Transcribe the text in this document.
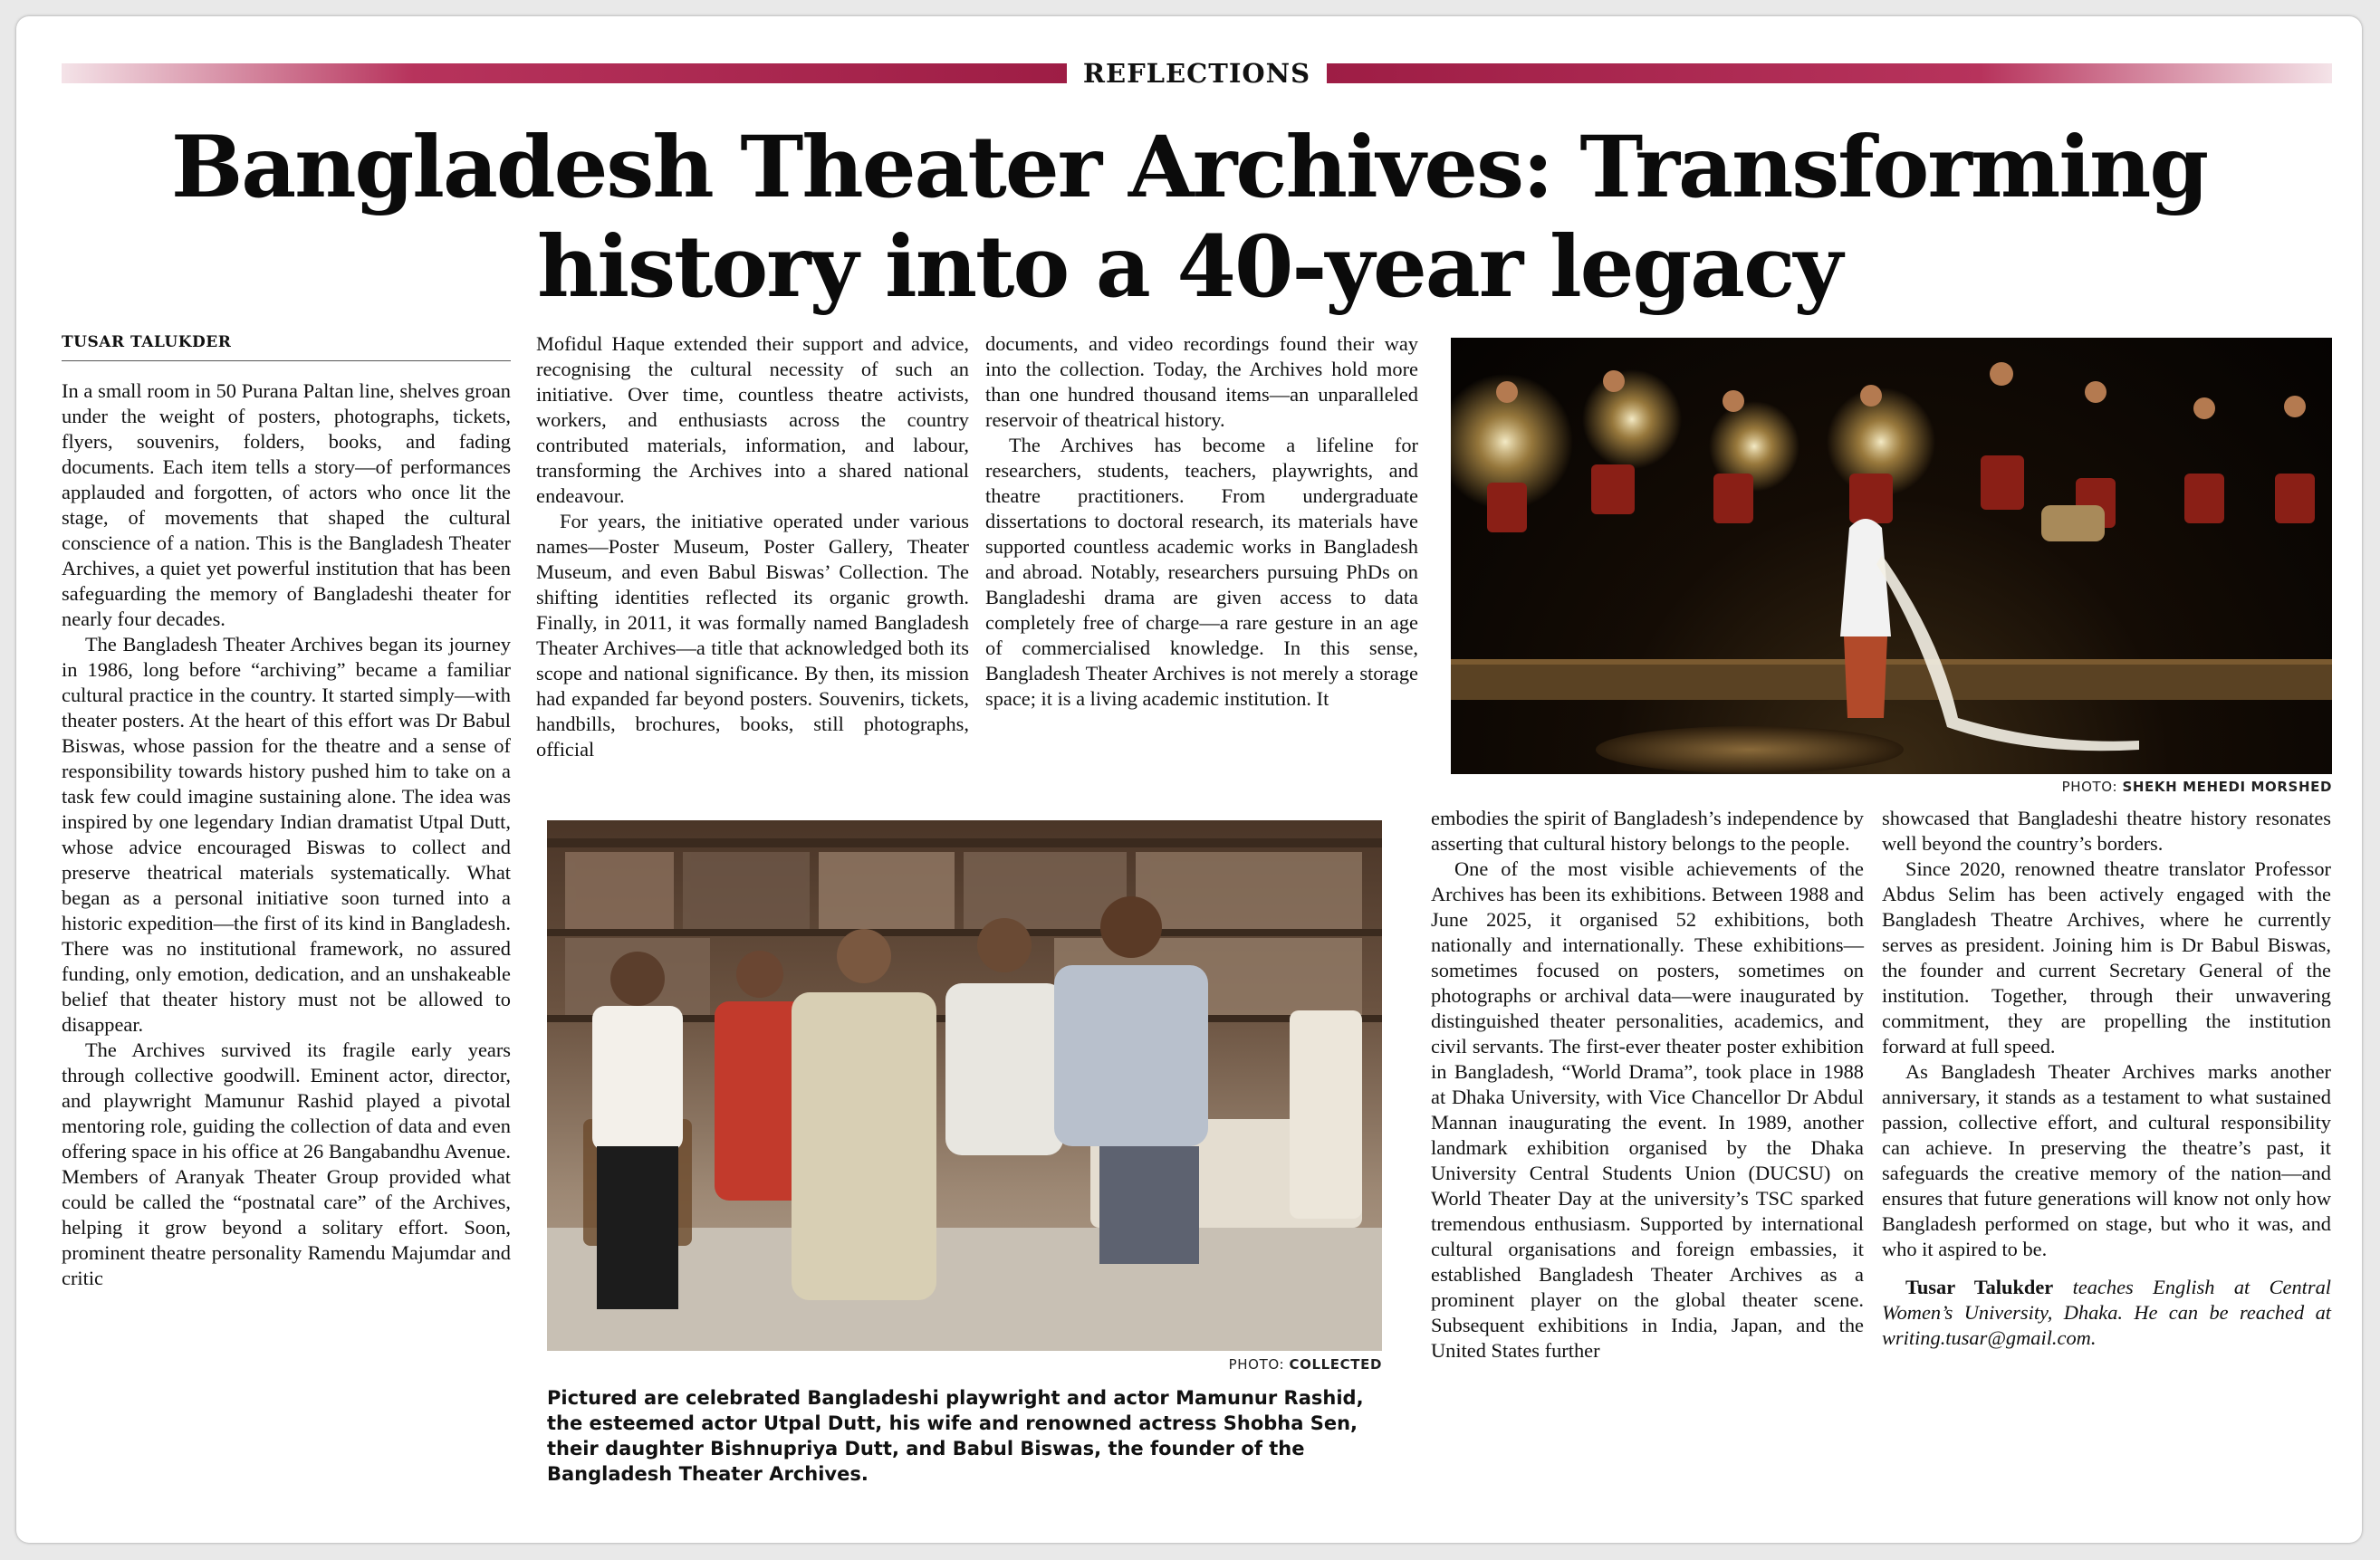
REFLECTIONS
Bangladesh Theater Archives: Transforming history into a 40-year legacy
TUSAR TALUKDER

In a small room in 50 Purana Paltan line, shelves groan under the weight of posters, photographs, tickets, flyers, souvenirs, folders, books, and fading documents. Each item tells a story—of performances applauded and forgotten, of actors who once lit the stage, of movements that shaped the cultural conscience of a nation. This is the Bangladesh Theater Archives, a quiet yet powerful institution that has been safeguarding the memory of Bangladeshi theater for nearly four decades.

The Bangladesh Theater Archives began its journey in 1986, long before “archiving” became a familiar cultural practice in the country. It started simply—with theater posters. At the heart of this effort was Dr Babul Biswas, whose passion for the theatre and a sense of responsibility towards history pushed him to take on a task few could imagine sustaining alone. The idea was inspired by one legendary Indian dramatist Utpal Dutt, whose advice encouraged Biswas to collect and preserve theatrical materials systematically. What began as a personal initiative soon turned into a historic expedition—the first of its kind in Bangladesh. There was no institutional framework, no assured funding, only emotion, dedication, and an unshakeable belief that theater history must not be allowed to disappear.

The Archives survived its fragile early years through collective goodwill. Eminent actor, director, and playwright Mamunur Rashid played a pivotal mentoring role, guiding the collection of data and even offering space in his office at 26 Bangabandhu Avenue. Members of Aranyak Theater Group provided what could be called the “postnatal care” of the Archives, helping it grow beyond a solitary effort. Soon, prominent theatre personality Ramendu Majumdar and critic

Mofidul Haque extended their support and advice, recognising the cultural necessity of such an initiative. Over time, countless theatre activists, workers, and enthusiasts across the country contributed materials, information, and labour, transforming the Archives into a shared national endeavour.

For years, the initiative operated under various names—Poster Museum, Poster Gallery, Theater Museum, and even Babul Biswas’ Collection. The shifting identities reflected its organic growth. Finally, in 2011, it was formally named Bangladesh Theater Archives—a title that acknowledged both its scope and national significance. By then, its mission had expanded far beyond posters. Souvenirs, tickets, handbills, brochures, books, still photographs, official

documents, and video recordings found their way into the collection. Today, the Archives hold more than one hundred thousand items—an unparalleled reservoir of theatrical history.

The Archives has become a lifeline for researchers, students, teachers, playwrights, and theatre practitioners. From undergraduate dissertations to doctoral research, its materials have supported countless academic works in Bangladesh and abroad. Notably, researchers pursuing PhDs on Bangladeshi drama are given access to data completely free of charge—a rare gesture in an age of commercialised knowledge. In this sense, Bangladesh Theater Archives is not merely a storage space; it is a living academic institution. It

PHOTO: SHEKH MEHEDI MORSHED
PHOTO: COLLECTED

Pictured are celebrated Bangladeshi playwright and actor Mamunur Rashid, the esteemed actor Utpal Dutt, his wife and renowned actress Shobha Sen, their daughter Bishnupriya Dutt, and Babul Biswas, the founder of the Bangladesh Theater Archives.

embodies the spirit of Bangladesh’s independence by asserting that cultural history belongs to the people.

One of the most visible achievements of the Archives has been its exhibitions. Between 1988 and June 2025, it organised 52 exhibitions, both nationally and internationally. These exhibitions—sometimes focused on posters, sometimes on photographs or archival data—were inaugurated by distinguished theater personalities, academics, and civil servants. The first-ever theater poster exhibition in Bangladesh, “World Drama”, took place in 1988 at Dhaka University, with Vice Chancellor Dr Abdul Mannan inaugurating the event. In 1989, another landmark exhibition organised by the Dhaka University Central Students Union (DUCSU) on World Theater Day at the university’s TSC sparked tremendous enthusiasm. Supported by international cultural organisations and foreign embassies, it established Bangladesh Theater Archives as a prominent player on the global theater scene. Subsequent exhibitions in India, Japan, and the United States further

showcased that Bangladeshi theatre history resonates well beyond the country’s borders.

Since 2020, renowned theatre translator Professor Abdus Selim has been actively engaged with the Bangladesh Theatre Archives, where he currently serves as president. Joining him is Dr Babul Biswas, the founder and current Secretary General of the institution. Together, through their unwavering commitment, they are propelling the institution forward at full speed.

As Bangladesh Theater Archives marks another anniversary, it stands as a testament to what sustained passion, collective effort, and cultural responsibility can achieve. In preserving the theatre’s past, it safeguards the creative memory of the nation—and ensures that future generations will know not only how Bangladesh performed on stage, but who it was, and who it aspired to be.

Tusar Talukder teaches English at Central Women’s University, Dhaka. He can be reached at writing.tusar@gmail.com.
